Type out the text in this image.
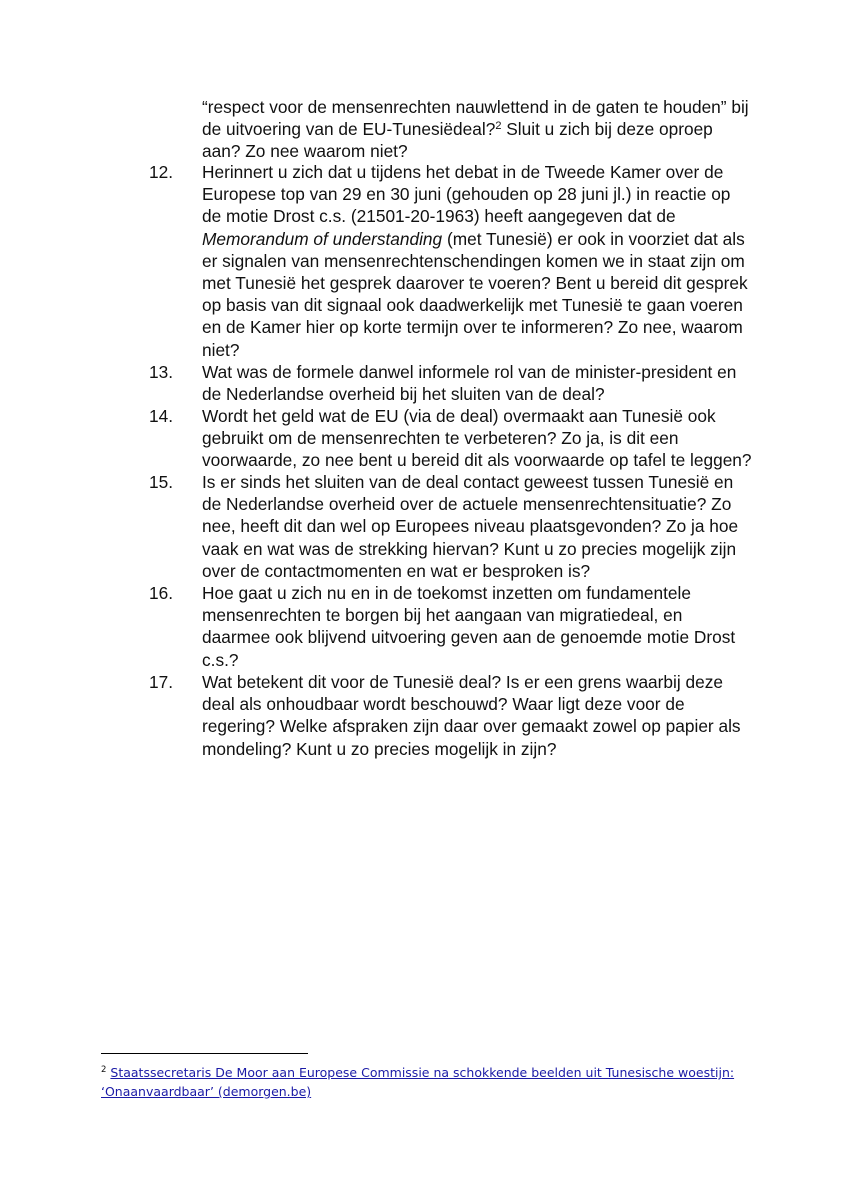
“respect voor de mensenrechten nauwlettend in de gaten te houden” bij
de uitvoering van de EU-Tunesiëdeal?$^2$ Sluit u zich bij deze oproep
aan? Zo nee waarom niet?
12. Herinnert u zich dat u tijdens het debat in de Tweede Kamer over de
Europese top van 29 en 30 juni (gehouden op 28 juni jl.) in reactie op
de motie Drost c.s. (21501-20-1963) heeft aangegeven dat de
Memorandum of understanding (met Tunesië) er ook in voorziet dat als
er signalen van mensenrechtenschendingen komen we in staat zijn om
met Tunesië het gesprek daarover te voeren? Bent u bereid dit gesprek
op basis van dit signaal ook daadwerkelijk met Tunesië te gaan voeren
en de Kamer hier op korte termijn over te informeren? Zo nee, waarom
niet?
13. Wat was de formele danwel informele rol van de minister-president en
de Nederlandse overheid bij het sluiten van de deal?
14. Wordt het geld wat de EU (via de deal) overmaakt aan Tunesië ook
gebruikt om de mensenrechten te verbeteren? Zo ja, is dit een
voorwaarde, zo nee bent u bereid dit als voorwaarde op tafel te leggen?
15. Is er sinds het sluiten van de deal contact geweest tussen Tunesië en
de Nederlandse overheid over de actuele mensenrechtensituatie? Zo
nee, heeft dit dan wel op Europees niveau plaatsgevonden? Zo ja hoe
vaak en wat was de strekking hiervan? Kunt u zo precies mogelijk zijn
over de contactmomenten en wat er besproken is?
16. Hoe gaat u zich nu en in de toekomst inzetten om fundamentele
mensenrechten te borgen bij het aangaan van migratiedeal, en
daarmee ook blijvend uitvoering geven aan de genoemde motie Drost
c.s.?
17. Wat betekent dit voor de Tunesië deal? Is er een grens waarbij deze
deal als onhoudbaar wordt beschouwd? Waar ligt deze voor de
regering? Welke afspraken zijn daar over gemaakt zowel op papier als
mondeling? Kunt u zo precies mogelijk in zijn?
$^2$ Staatssecretaris De Moor aan Europese Commissie na schokkende beelden uit Tunesische woestijn:
‘Onaanvaardbaar’ (demorgen.be)
